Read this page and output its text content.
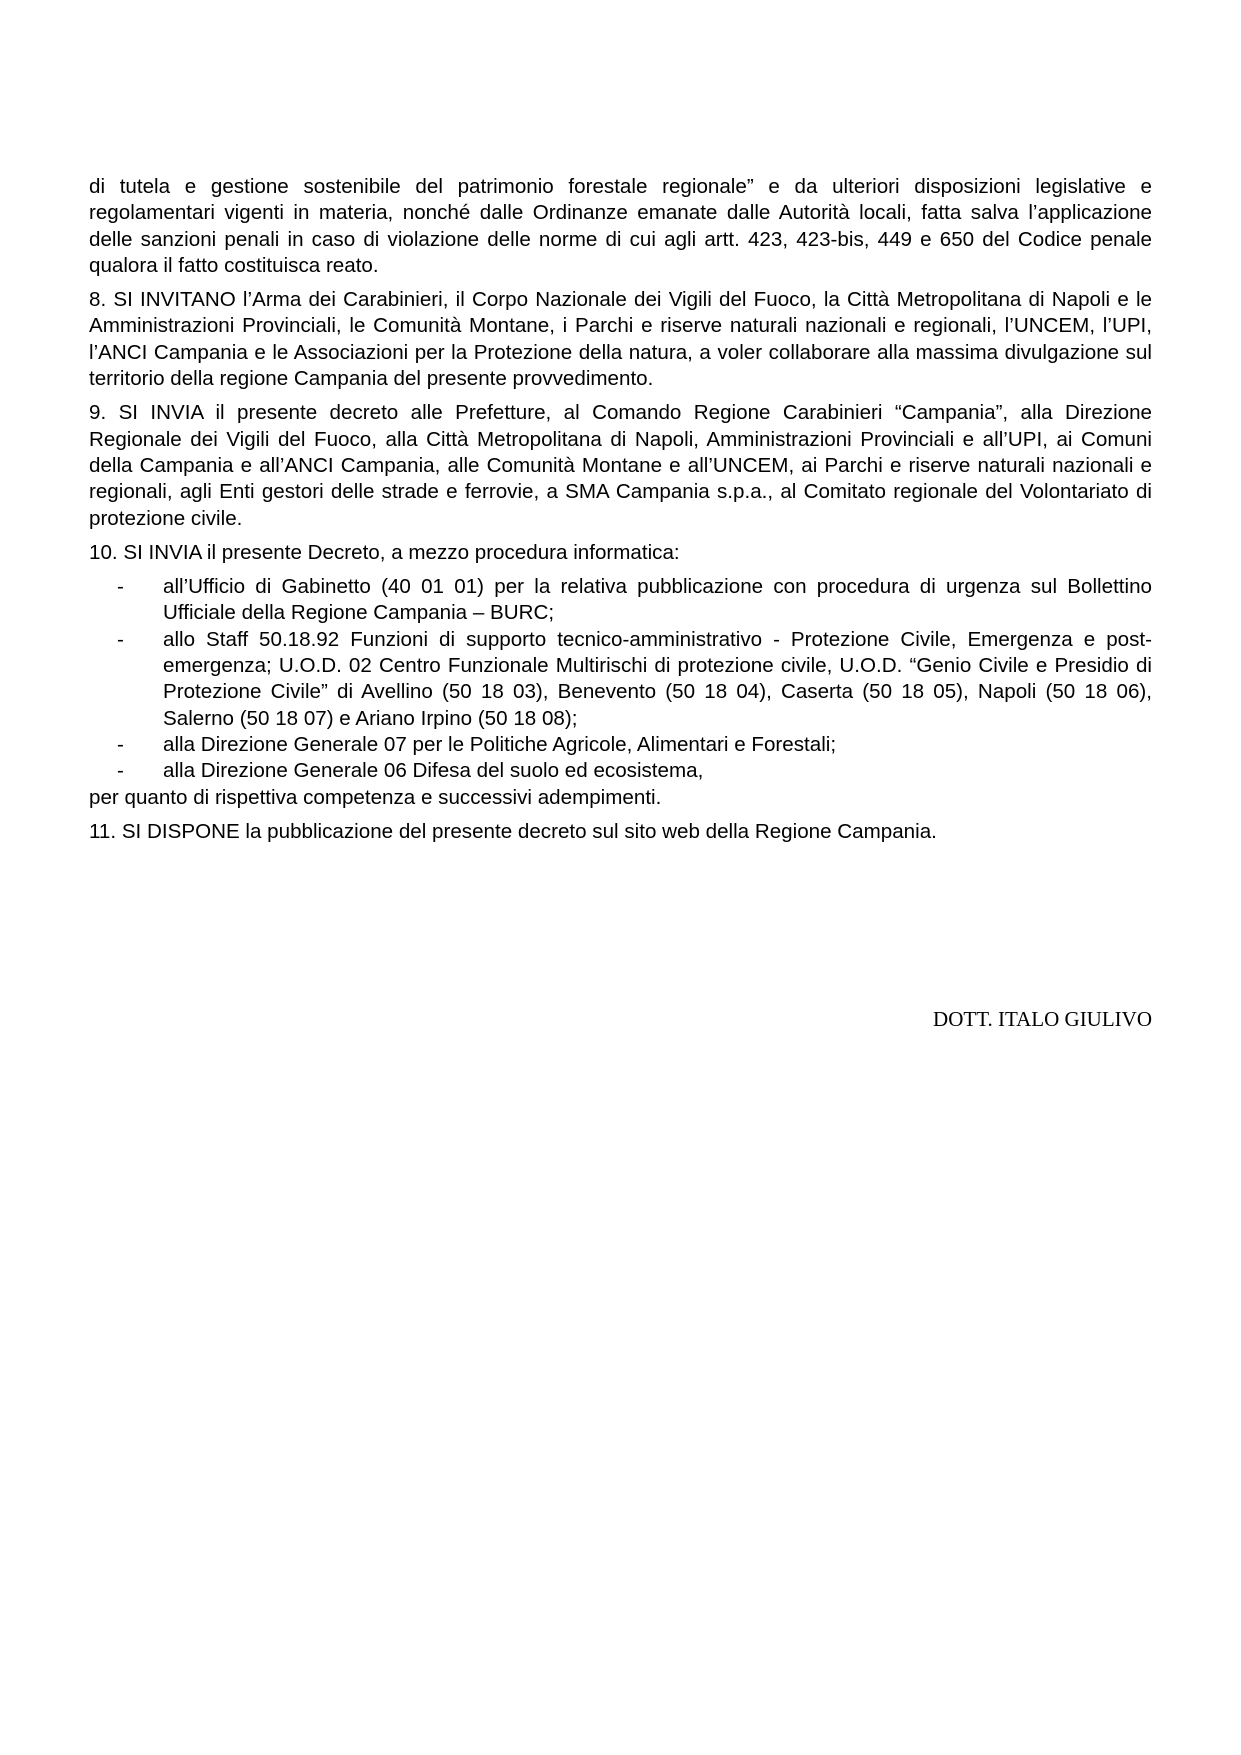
di tutela e gestione sostenibile del patrimonio forestale regionale” e da ulteriori disposizioni legislative e regolamentari vigenti in materia, nonché dalle Ordinanze emanate dalle Autorità locali, fatta salva l’applicazione delle sanzioni penali in caso di violazione delle norme di cui agli artt. 423, 423-bis, 449 e 650 del Codice penale qualora il fatto costituisca reato.

8. SI INVITANO l’Arma dei Carabinieri, il Corpo Nazionale dei Vigili del Fuoco, la Città Metropolitana di Napoli e le Amministrazioni Provinciali, le Comunità Montane, i Parchi e riserve naturali nazionali e regionali, l’UNCEM, l’UPI, l’ANCI Campania e le Associazioni per la Protezione della natura, a voler collaborare alla massima divulgazione sul territorio della regione Campania del presente provvedimento.

9. SI INVIA il presente decreto alle Prefetture, al Comando Regione Carabinieri “Campania”, alla Direzione Regionale dei Vigili del Fuoco, alla Città Metropolitana di Napoli, Amministrazioni Provinciali e all’UPI, ai Comuni della Campania e all’ANCI Campania, alle Comunità Montane e all’UNCEM, ai Parchi e riserve naturali nazionali e regionali, agli Enti gestori delle strade e ferrovie, a SMA Campania s.p.a., al Comitato regionale del Volontariato di protezione civile.

10. SI INVIA il presente Decreto, a mezzo procedura informatica:

- all’Ufficio di Gabinetto (40 01 01) per la relativa pubblicazione con procedura di urgenza sul Bollettino Ufficiale della Regione Campania – BURC;
- allo Staff 50.18.92 Funzioni di supporto tecnico-amministrativo - Protezione Civile, Emergenza e post-emergenza; U.O.D. 02 Centro Funzionale Multirischi di protezione civile, U.O.D. “Genio Civile e Presidio di Protezione Civile” di Avellino (50 18 03), Benevento (50 18 04), Caserta (50 18 05), Napoli (50 18 06), Salerno (50 18 07) e Ariano Irpino (50 18 08);
- alla Direzione Generale 07 per le Politiche Agricole, Alimentari e Forestali;
- alla Direzione Generale 06 Difesa del suolo ed ecosistema,

per quanto di rispettiva competenza e successivi adempimenti.

11. SI DISPONE la pubblicazione del presente decreto sul sito web della Regione Campania.

DOTT. ITALO GIULIVO
